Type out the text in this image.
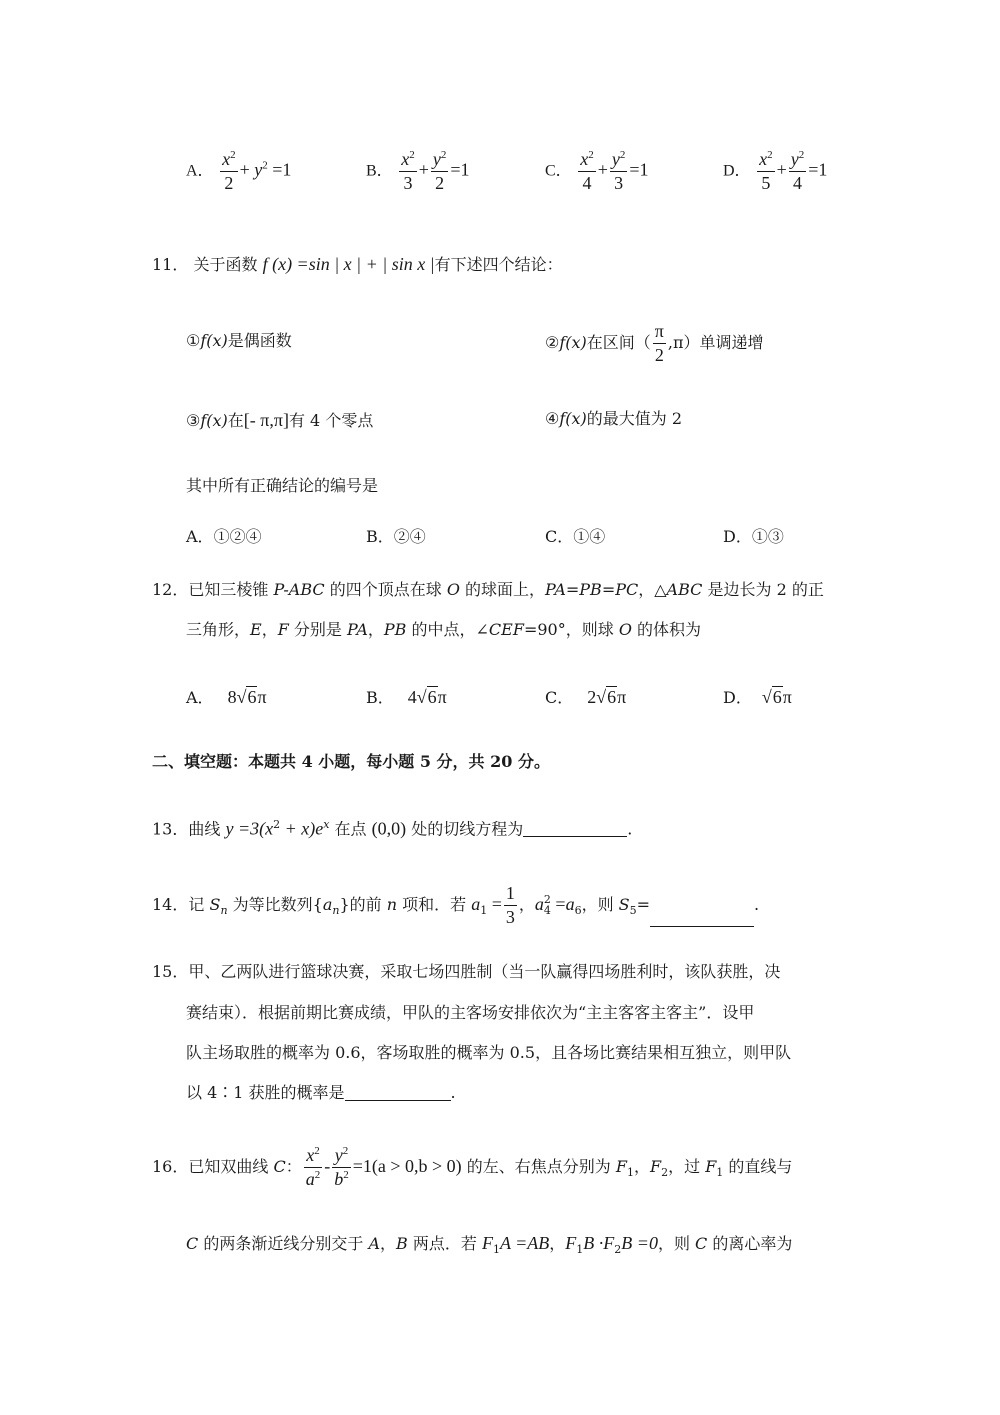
A． $\frac{x^2}{2} + y^2 =1$	B． $\frac{x^2}{3} + \frac{y^2}{2} =1$	C． $\frac{x^2}{4} + \frac{y^2}{3} =1$	D． $\frac{x^2}{5} + \frac{y^2}{4} =1$
11． 关于函数 f (x) =sin | x | + | sin x |有下述四个结论：
①f(x)是偶函数	②f(x)在区间（ $\frac{\pi}{2} ,\pi$）单调递增
③f(x)在[- π,π]有 4 个零点	④f(x)的最大值为 2
其中所有正确结论的编号是
A．①②④	B．②④	C．①④	D．①③
12．已知三棱锥 P-ABC 的四个顶点在球 O 的球面上，PA=PB=PC，△ABC 是边长为 2 的正
三角形，E，F 分别是 PA，PB 的中点，∠CEF=90°，则球 O 的体积为
A． 8√6π	B． 4√6π	C． 2√6π	D． √6π
二、填空题：本题共 4 小题，每小题 5 分，共 20 分。
13．曲线 $y =3(x^2 + x)e^x$ 在点 (0,0) 处的切线方程为	.
14．记 $S_n$ 为等比数列$\{a_n\}$的前 n 项和．若 $a_1 = \frac{1}{3}$ ，a 2
$4 =a_6$，则 $S_5=$	.
15．甲、乙两队进行篮球决赛，采取七场四胜制（当一队赢得四场胜利时，该队获胜，决
赛结束）．根据前期比赛成绩，甲队的主客场安排依次为“主主客客主客主”．设甲
队主场取胜的概率为 0.6，客场取胜的概率为 0.5，且各场比赛结果相互独立，则甲队
以 4∶1 获胜的概率是	.
16．已知双曲线 C： $\frac{x^2}{a^2} - \frac{y^2}{b^2} =1(a > 0,b > 0)$ 的左、右焦点分别为 $F_1$，$F_2$，过 $F_1$ 的直线与
C 的两条渐近线分别交于 A，B 两点．若 $F_1A =AB$，$F_1B \cdot F_2B =0$，则 C 的离心率为
